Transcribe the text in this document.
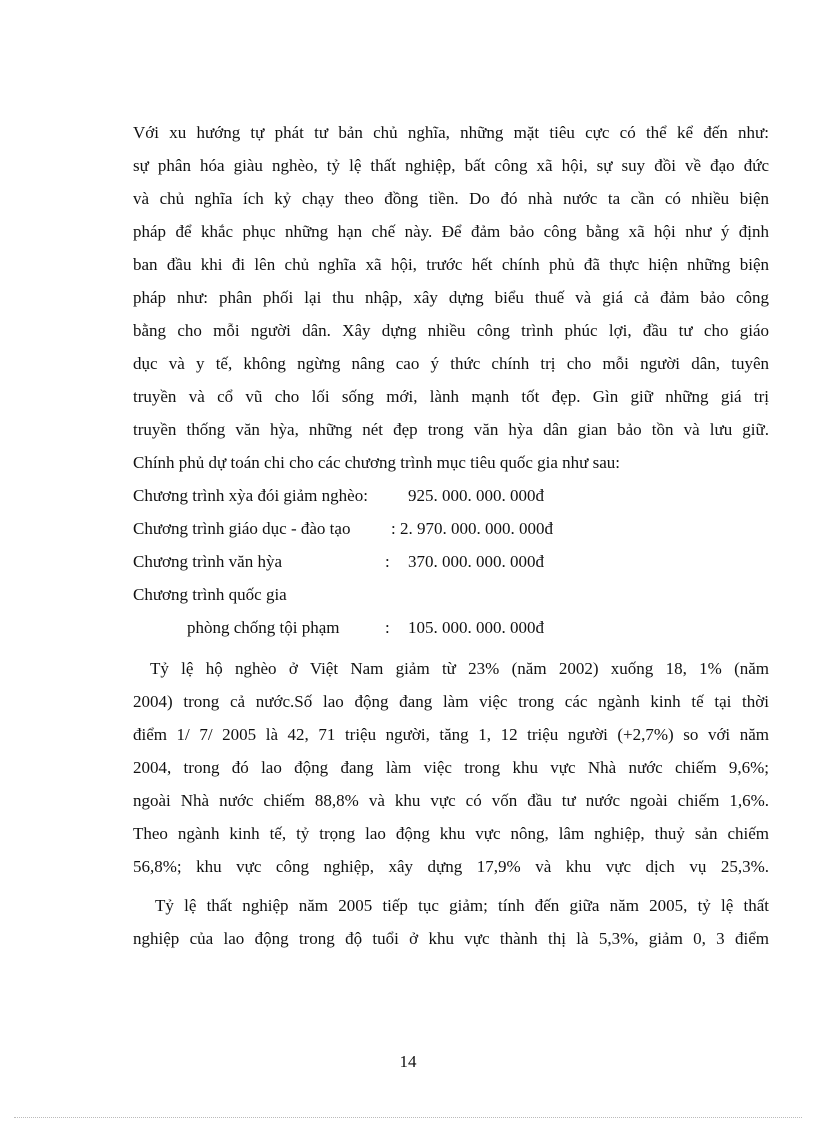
Với xu hướng tự phát tư bản chủ nghĩa, những mặt tiêu cực có thể kể đến như:
sự phân hóa giàu nghèo, tỷ lệ thất nghiệp, bất công xã hội, sự suy đồi về đạo đức
và chủ nghĩa ích kỷ chạy theo đồng tiền. Do đó nhà nước ta cần có nhiều biện
pháp để khắc phục những hạn chế này. Để đảm bảo công bằng xã hội như ý định
ban đầu khi đi lên chủ nghĩa xã hội, trước hết chính phủ đã thực hiện những biện
pháp như: phân phối lại thu nhập, xây dựng biểu thuế và giá cả đảm bảo công
bằng cho mỗi người dân. Xây dựng nhiều công trình phúc lợi, đầu tư cho giáo
dục và y tế, không ngừng nâng cao ý thức chính trị cho mỗi người dân, tuyên
truyền và cổ vũ cho lối sống mới, lành mạnh tốt đẹp. Gìn giữ những giá trị
truyền thống văn hỳa, những nét đẹp trong văn hỳa dân gian bảo tồn và lưu giữ.
Chính phủ dự toán chi cho các chương trình mục tiêu quốc gia như sau:
Chương trình xỳa đói giảm nghèo: 925. 000. 000. 000đ
Chương trình giáo dục - đào tạo : 2. 970. 000. 000. 000đ
Chương trình văn hỳa	: 370. 000. 000. 000đ
Chương trình quốc gia
phòng chống tội phạm	: 105. 000. 000. 000đ
Tỷ lệ hộ nghèo ở Việt Nam giảm từ 23% (năm 2002) xuống 18, 1% (năm
2004) trong cả nước.Số lao động đang làm việc trong các ngành kinh tế tại thời
điểm 1/ 7/ 2005 là 42, 71 triệu người, tăng 1, 12 triệu người (+2,7%) so với năm
2004, trong đó lao động đang làm việc trong khu vực Nhà nước chiếm 9,6%;
ngoài Nhà nước chiếm 88,8% và khu vực có vốn đầu tư nước ngoài chiếm 1,6%.
Theo ngành kinh tế, tỷ trọng lao động khu vực nông, lâm nghiệp, thuỷ sản chiếm
56,8%; khu vực công nghiệp, xây dựng 17,9% và khu vực dịch vụ 25,3%.
Tỷ lệ thất nghiệp năm 2005 tiếp tục giảm; tính đến giữa năm 2005, tỷ lệ thất
nghiệp của lao động trong độ tuổi ở khu vực thành thị là 5,3%, giảm 0, 3 điểm
14
